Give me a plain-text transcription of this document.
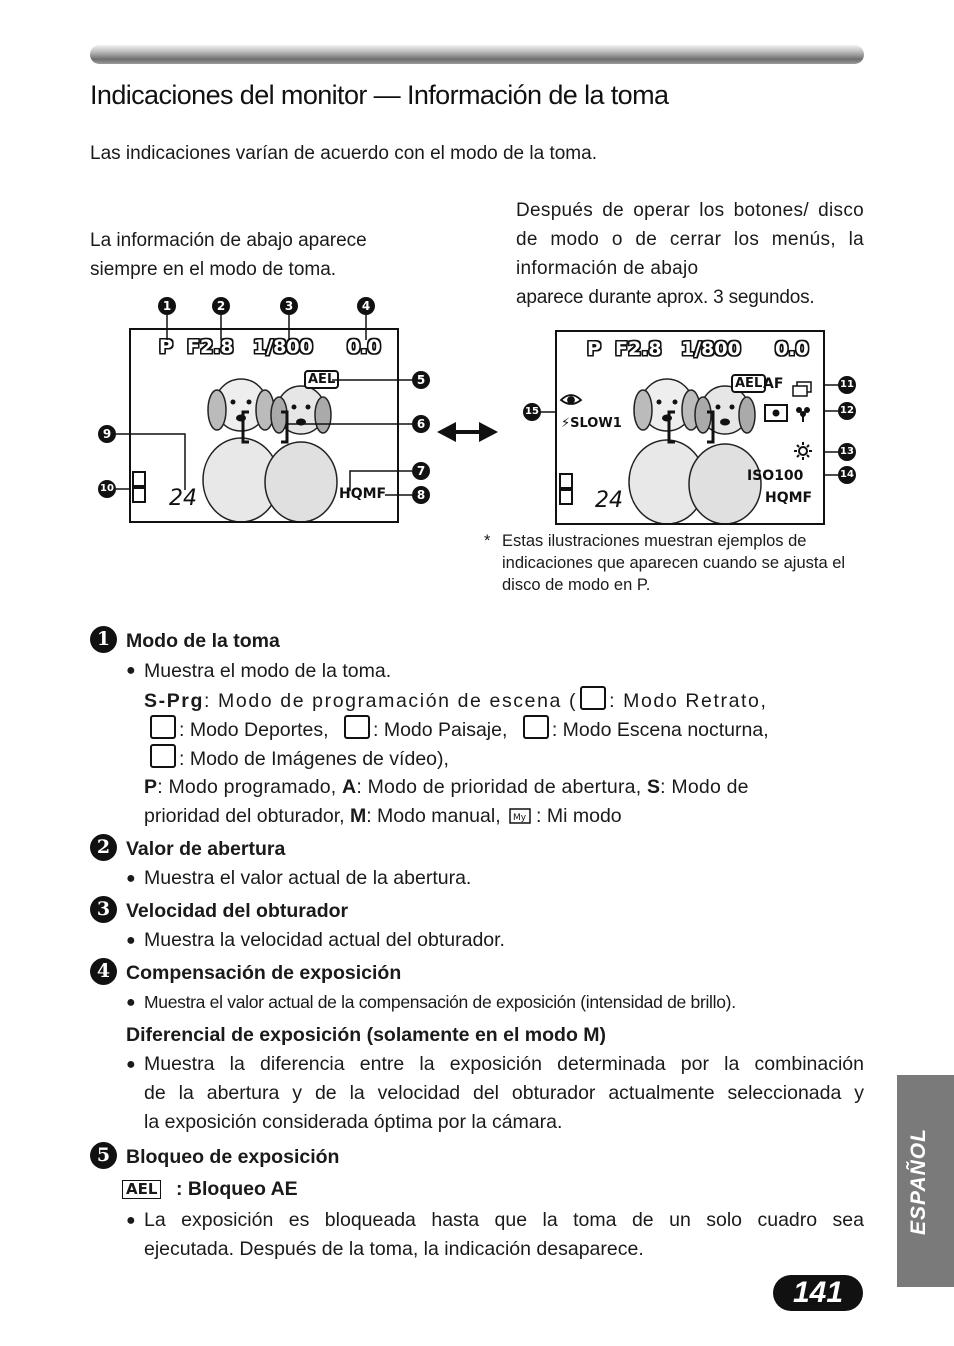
Indicaciones del monitor — Información de la toma
Las indicaciones varían de acuerdo con el modo de la toma.
La información de abajo aparece
siempre en el modo de toma.
Después de operar los botones/ disco de modo o de cerrar los menús, la información de abajo
aparece durante aprox. 3 segundos.
P F2.8 1/800 0.0
AEL
HQMF
24
1	2	3	4
5
6
7
8
9
10
P F2.8 1/800 0.0
AEL AF
⚡SLOW1
ISO100
HQMF
24
11
12
13
14
15
* Estas ilustraciones muestran ejemplos de indicaciones que aparecen cuando se ajusta el disco de modo en P.
1 Modo de la toma
● Muestra el modo de la toma.
S-Prg: Modo de programación de escena ( : Modo Retrato,
: Modo Deportes, : Modo Paisaje, : Modo Escena nocturna,
: Modo de Imágenes de vídeo),
P: Modo programado, A: Modo de prioridad de abertura, S: Modo de
prioridad del obturador, M: Modo manual, My : Mi modo
2 Valor de abertura
● Muestra el valor actual de la abertura.
3 Velocidad del obturador
● Muestra la velocidad actual del obturador.
4 Compensación de exposición
● Muestra el valor actual de la compensación de exposición (intensidad de brillo).
Diferencial de exposición (solamente en el modo M)
● Muestra la diferencia entre la exposición determinada por la combinación
de la abertura y de la velocidad del obturador actualmente seleccionada y
la exposición considerada óptima por la cámara.
5 Bloqueo de exposición
AEL : Bloqueo AE
● La exposición es bloqueada hasta que la toma de un solo cuadro sea
ejecutada. Después de la toma, la indicación desaparece.
ESPAÑOL
141
